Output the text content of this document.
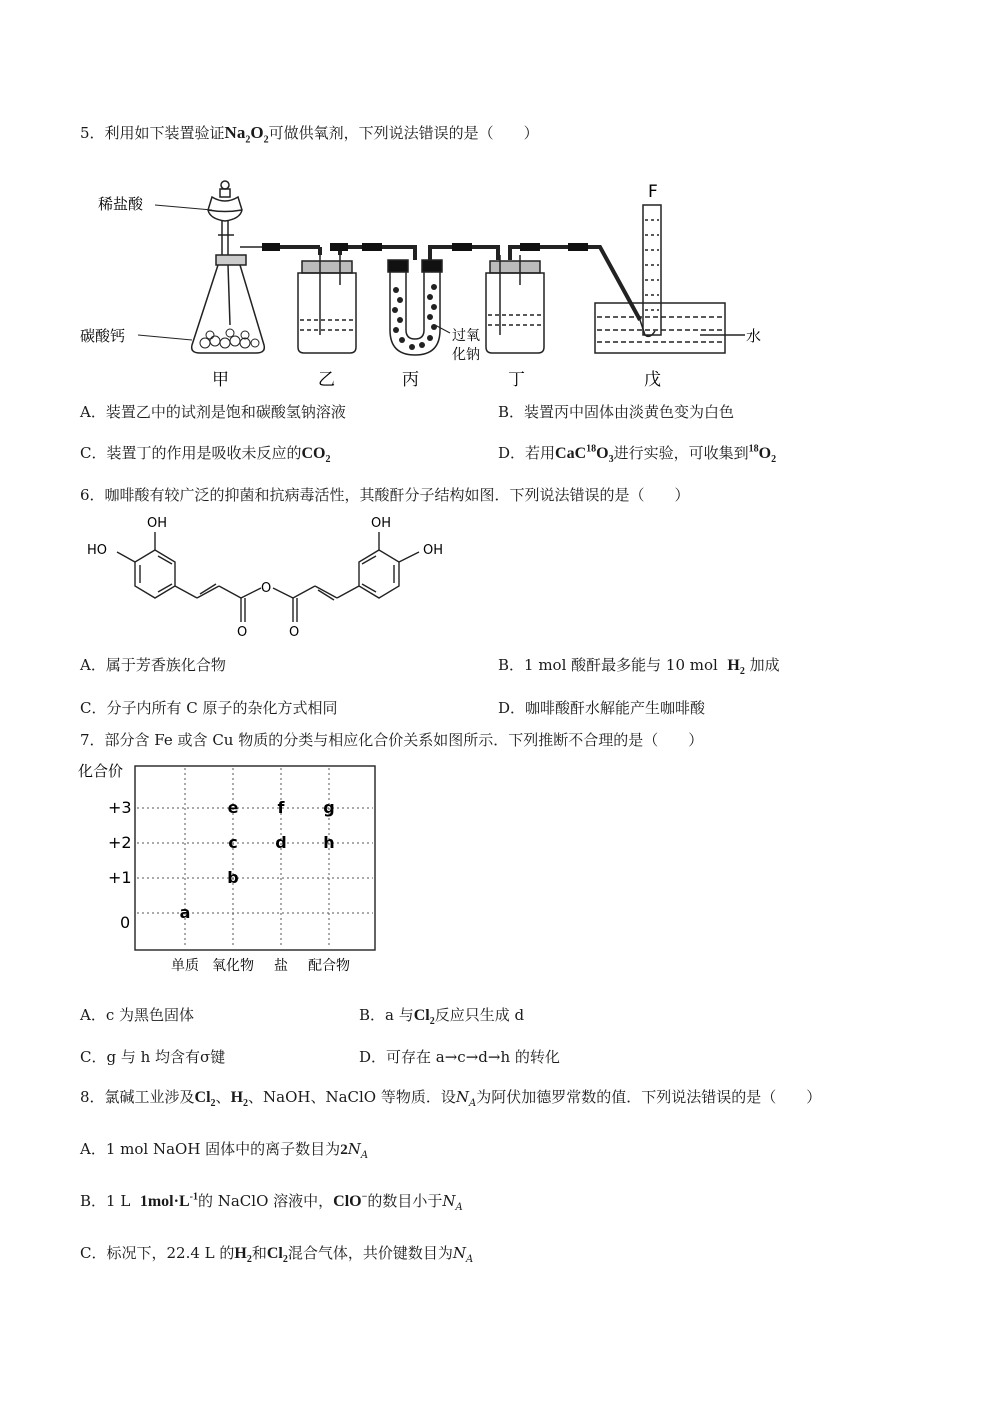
5．利用如下装置验证$Na_2O_2$可做供氧剂，下列说法错误的是（　　）
稀盐酸
碳酸钙	过氧
化钠
水
F
甲	乙	丙	丁	戊
A．装置乙中的试剂是饱和碳酸氢钠溶液	B．装置丙中固体由淡黄色变为白色
C．装置丁的作用是吸收未反应的$CO_2$	D．若用$CaC^{18}O_3$进行实验，可收集到$^{18}O_2$
6．咖啡酸有较广泛的抑菌和抗病毒活性，其酸酐分子结构如图．下列说法错误的是（　　）
OH
HO
OH
OH
O
O	O
A．属于芳香族化合物	B．1 mol 酸酐最多能与 10 mol $H_2$ 加成
C．分子内所有 C 原子的杂化方式相同	D．咖啡酸酐水解能产生咖啡酸
7．部分含 Fe 或含 Cu 物质的分类与相应化合价关系如图所示．下列推断不合理的是（　　）
+3
+2
+1
0
单质 氧化物 盐 配合物
a
b
c
e
d
f
h
g
化合价
A．c 为黑色固体	B．a 与$Cl_2$反应只生成 d
C．g 与 h 均含有σ键	D．可存在 a→c→d→h 的转化
8．氯碱工业涉及$Cl_2$、$H_2$、NaOH、NaClO 等物质．设$N_A$为阿伏加德罗常数的值．下列说法错误的是（　　）
A．1 mol NaOH 固体中的离子数目为$2N_A$
B．1 L $1mol\cdot L^{-1}$的 NaClO 溶液中，ClO−的数目小于$N_A$
C．标况下，22.4 L 的$H_2$和$Cl_2$混合气体，共价键数目为$N_A$
